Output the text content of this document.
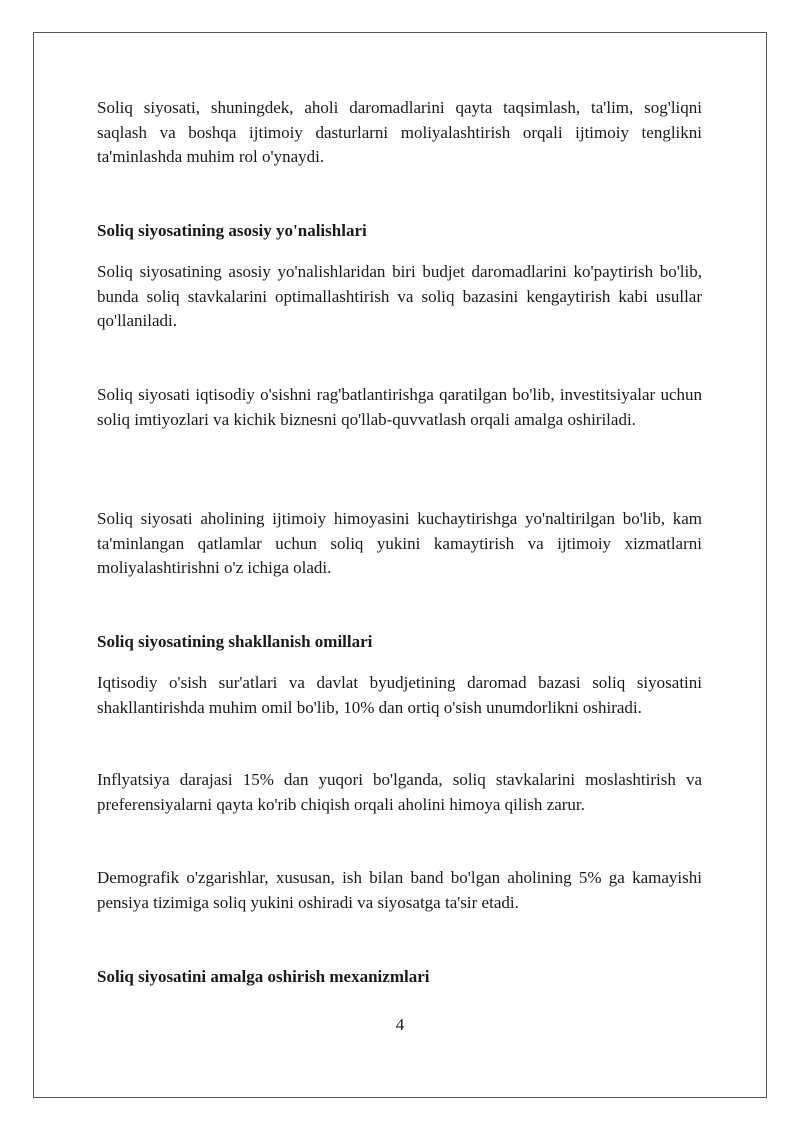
Soliq siyosati, shuningdek, aholi daromadlarini qayta taqsimlash, ta'lim, sog'liqni saqlash va boshqa ijtimoiy dasturlarni moliyalashtirish orqali ijtimoiy tenglikni ta'minlashda muhim rol o'ynaydi.

Soliq siyosatining asosiy yo'nalishlari

Soliq siyosatining asosiy yo'nalishlaridan biri budjet daromadlarini ko'paytirish bo'lib, bunda soliq stavkalarini optimallashtirish va soliq bazasini kengaytirish kabi usullar qo'llaniladi.

Soliq siyosati iqtisodiy o'sishni rag'batlantirishga qaratilgan bo'lib, investitsiyalar uchun soliq imtiyozlari va kichik biznesni qo'llab-quvvatlash orqali amalga oshiriladi.

Soliq siyosati aholining ijtimoiy himoyasini kuchaytirishga yo'naltirilgan bo'lib, kam ta'minlangan qatlamlar uchun soliq yukini kamaytirish va ijtimoiy xizmatlarni moliyalashtirishni o'z ichiga oladi.

Soliq siyosatining shakllanish omillari

Iqtisodiy o'sish sur'atlari va davlat byudjetining daromad bazasi soliq siyosatini shakllantirishda muhim omil bo'lib, 10% dan ortiq o'sish unumdorlikni oshiradi.

Inflyatsiya darajasi 15% dan yuqori bo'lganda, soliq stavkalarini moslashtirish va preferensiyalarni qayta ko'rib chiqish orqali aholini himoya qilish zarur.

Demografik o'zgarishlar, xususan, ish bilan band bo'lgan aholining 5% ga kamayishi pensiya tizimiga soliq yukini oshiradi va siyosatga ta'sir etadi.

Soliq siyosatini amalga oshirish mexanizmlari
4
